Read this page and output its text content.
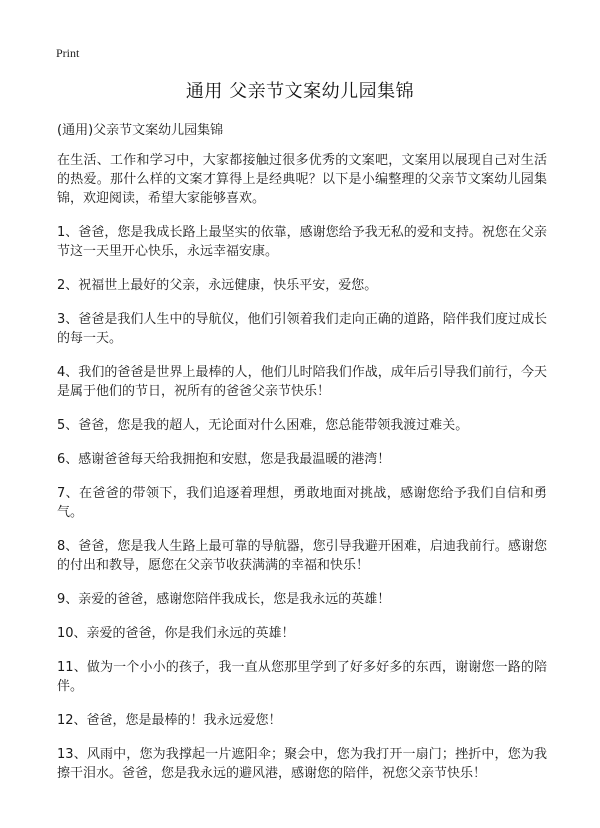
Print
通用 父亲节文案幼儿园集锦
(通用)父亲节文案幼儿园集锦

在生活、工作和学习中，大家都接触过很多优秀的文案吧，文案用以展现自己对生活的热爱。那什么样的文案才算得上是经典呢？以下是小编整理的父亲节文案幼儿园集锦，欢迎阅读，希望大家能够喜欢。

1、爸爸，您是我成长路上最坚实的依靠，感谢您给予我无私的爱和支持。祝您在父亲节这一天里开心快乐，永远幸福安康。

2、祝福世上最好的父亲，永远健康，快乐平安，爱您。

3、爸爸是我们人生中的导航仪，他们引领着我们走向正确的道路，陪伴我们度过成长的每一天。

4、我们的爸爸是世界上最棒的人，他们儿时陪我们作战，成年后引导我们前行，今天是属于他们的节日，祝所有的爸爸父亲节快乐！

5、爸爸，您是我的超人，无论面对什么困难，您总能带领我渡过难关。

6、感谢爸爸每天给我拥抱和安慰，您是我最温暖的港湾！

7、在爸爸的带领下，我们追逐着理想，勇敢地面对挑战，感谢您给予我们自信和勇气。

8、爸爸，您是我人生路上最可靠的导航器，您引导我避开困难，启迪我前行。感谢您的付出和教导，愿您在父亲节收获满满的幸福和快乐！

9、亲爱的爸爸，感谢您陪伴我成长，您是我永远的英雄！

10、亲爱的爸爸，你是我们永远的英雄！

11、做为一个小小的孩子，我一直从您那里学到了好多好多的东西，谢谢您一路的陪伴。

12、爸爸，您是最棒的！我永远爱您！

13、风雨中，您为我撑起一片遮阳伞；聚会中，您为我打开一扇门；挫折中，您为我擦干泪水。爸爸，您是我永远的避风港，感谢您的陪伴，祝您父亲节快乐！
